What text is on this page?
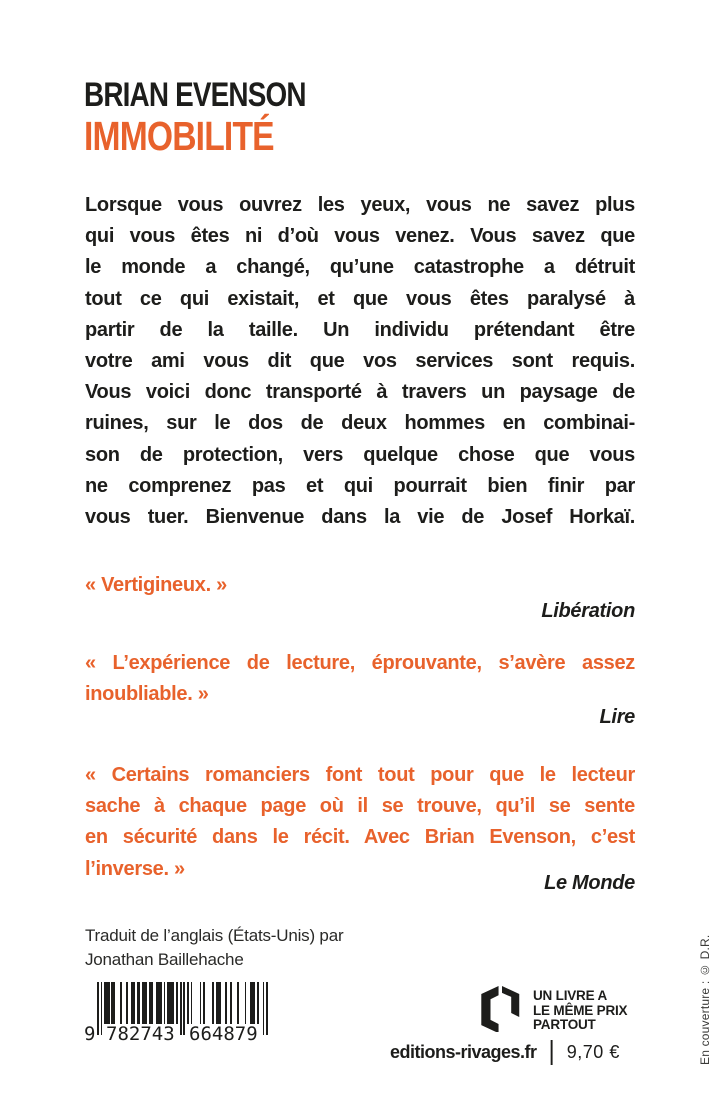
BRIAN EVENSON
IMMOBILITÉ
Lorsque vous ouvrez les yeux, vous ne savez plus
qui vous êtes ni d’où vous venez. Vous savez que
le monde a changé, qu’une catastrophe a détruit
tout ce qui existait, et que vous êtes paralysé à
partir de la taille. Un individu prétendant être
votre ami vous dit que vos services sont requis.
Vous voici donc transporté à travers un paysage de
ruines, sur le dos de deux hommes en combinai-
son de protection, vers quelque chose que vous
ne comprenez pas et qui pourrait bien finir par
vous tuer. Bienvenue dans la vie de Josef Horkaï.
« Vertigineux. »
Libération
« L’expérience de lecture, éprouvante, s’avère assez
inoubliable. »
Lire
« Certains romanciers font tout pour que le lecteur
sache à chaque page où il se trouve, qu’il se sente
en sécurité dans le récit. Avec Brian Evenson, c’est
l’inverse. »
Le Monde
Traduit de l’anglais (États-Unis) par
Jonathan Baillehache
9 782743 664879
UN LIVRE A
LE MÊME PRIX
PARTOUT
editions-rivages.fr | 9,70 €	En couverture : © D.R.
